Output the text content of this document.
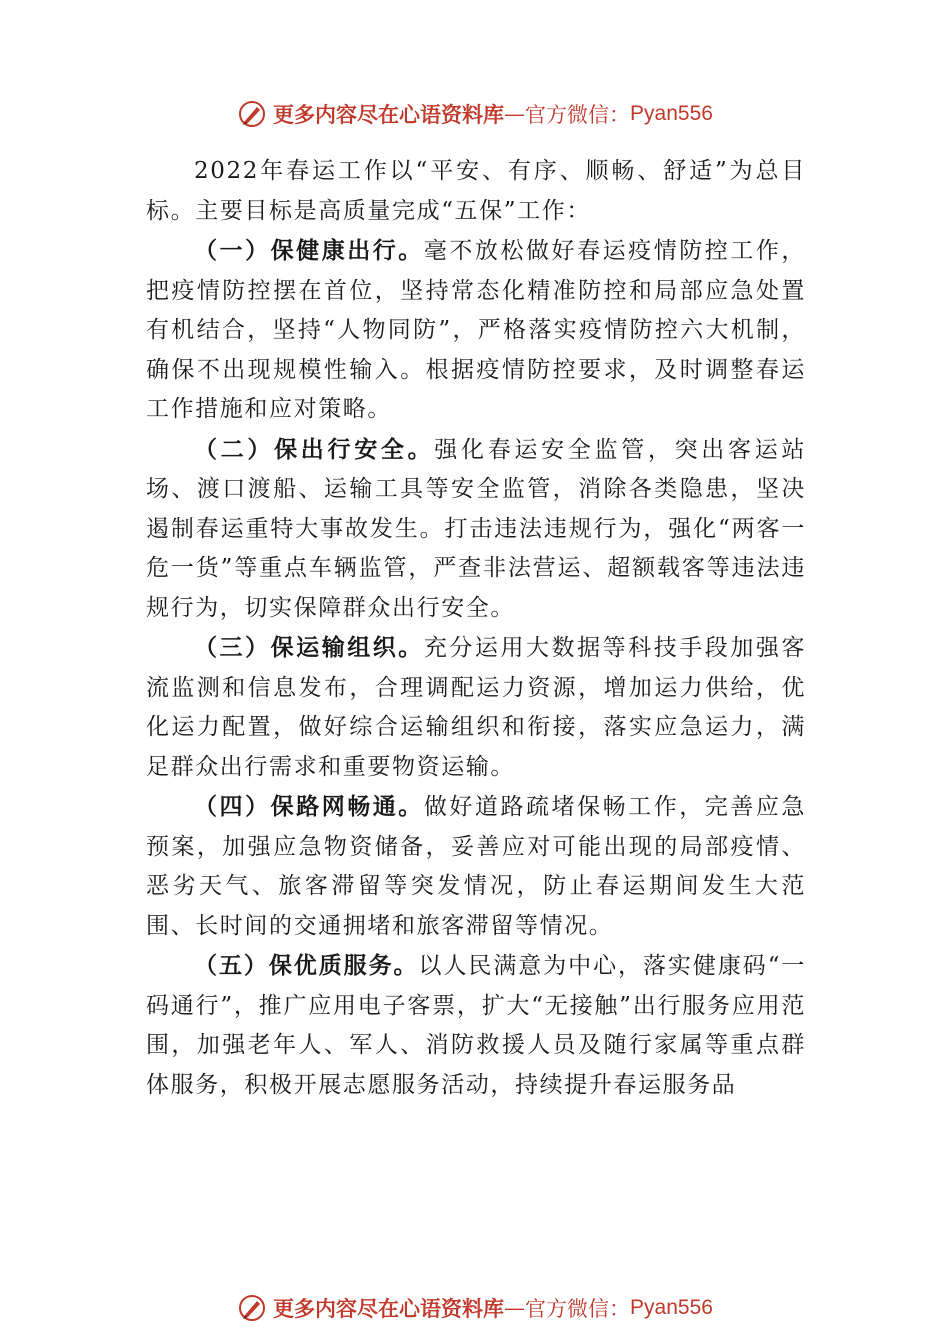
更多内容尽在心语资料库 — 官方微信： Pyan556

2022年春运工作以“平安、有序、顺畅、舒适”为总目标。主要目标是高质量完成“五保”工作：

（一）保健康出行。毫不放松做好春运疫情防控工作，把疫情防控摆在首位，坚持常态化精准防控和局部应急处置有机结合，坚持“人物同防”，严格落实疫情防控六大机制，确保不出现规模性输入。根据疫情防控要求，及时调整春运工作措施和应对策略。

（二）保出行安全。强化春运安全监管，突出客运站场、渡口渡船、运输工具等安全监管，消除各类隐患，坚决遏制春运重特大事故发生。打击违法违规行为，强化“两客一危一货”等重点车辆监管，严查非法营运、超额载客等违法违规行为，切实保障群众出行安全。

（三）保运输组织。充分运用大数据等科技手段加强客流监测和信息发布，合理调配运力资源，增加运力供给，优化运力配置，做好综合运输组织和衔接，落实应急运力，满足群众出行需求和重要物资运输。

（四）保路网畅通。做好道路疏堵保畅工作，完善应急预案，加强应急物资储备，妥善应对可能出现的局部疫情、恶劣天气、旅客滞留等突发情况，防止春运期间发生大范围、长时间的交通拥堵和旅客滞留等情况。

（五）保优质服务。以人民满意为中心，落实健康码“一码通行”，推广应用电子客票，扩大“无接触”出行服务应用范围，加强老年人、军人、消防救援人员及随行家属等重点群体服务，积极开展志愿服务活动，持续提升春运服务品

更多内容尽在心语资料库 — 官方微信： Pyan556
